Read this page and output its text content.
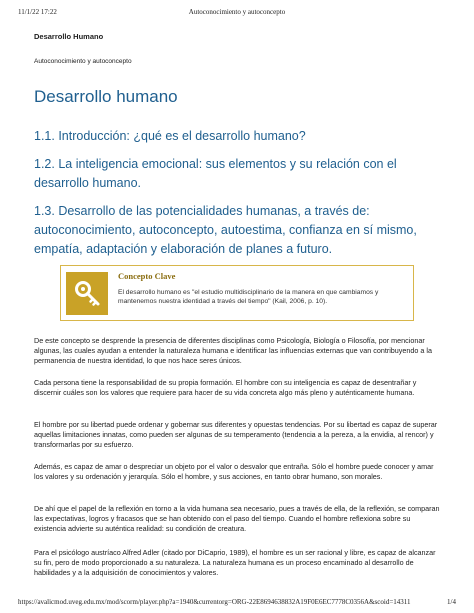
11/1/22 17:22	Autoconocimiento y autoconcepto
Desarrollo Humano
Autoconocimiento y autoconcepto
Desarrollo humano
1.1. Introducción: ¿qué es el desarrollo humano?
1.2. La inteligencia emocional: sus elementos y su relación con el desarrollo humano.
1.3. Desarrollo de las potencialidades humanas, a través de: autoconocimiento, autoconcepto, autoestima, confianza en sí mismo, empatía, adaptación y elaboración de planes a futuro.
Concepto Clave
El desarrollo humano es "el estudio multidisciplinario de la manera en que cambiamos y mantenemos nuestra identidad a través del tiempo" (Kail, 2006, p. 10).

De este concepto se desprende la presencia de diferentes disciplinas como Psicología, Biología o Filosofía, por mencionar algunas, las cuales ayudan a entender la naturaleza humana e identificar las influencias externas que van contribuyendo a la permanencia de nuestra identidad, lo que nos hace seres únicos.

Cada persona tiene la responsabilidad de su propia formación. El hombre con su inteligencia es capaz de desentrañar y discernir cuáles son los valores que requiere para hacer de su vida concreta algo más pleno y auténticamente humana.

El hombre por su libertad puede ordenar y gobernar sus diferentes y opuestas tendencias. Por su libertad es capaz de superar aquellas limitaciones innatas, como pueden ser algunas de su temperamento (tendencia a la pereza, a la envidia, al rencor) y transformarlas por su esfuerzo.

Además, es capaz de amar o despreciar un objeto por el valor o desvalor que entraña. Sólo el hombre puede conocer y amar los valores y su ordenación y jerarquía. Sólo el hombre, y sus acciones, en tanto obrar humano, son morales.

De ahí que el papel de la reflexión en torno a la vida humana sea necesario, pues a través de ella, de la reflexión, se comparan las expectativas, logros y fracasos que se han obtenido con el paso del tiempo. Cuando el hombre reflexiona sobre su existencia advierte su auténtica realidad: su condición de creatura.

Para el psicólogo austríaco Alfred Adler (citado por DiCaprio, 1989), el hombre es un ser racional y libre, es capaz de alcanzar su fin, pero de modo proporcionado a su naturaleza. La naturaleza humana es un proceso encaminado al desarrollo de habilidades y a la adquisición de conocimientos y valores.

https://avalicmod.uveg.edu.mx/mod/scorm/player.php?a=1940&currentorg=ORG-22E8694638832A19F0E6EC7778C0356A&scoid=14311	1/4
